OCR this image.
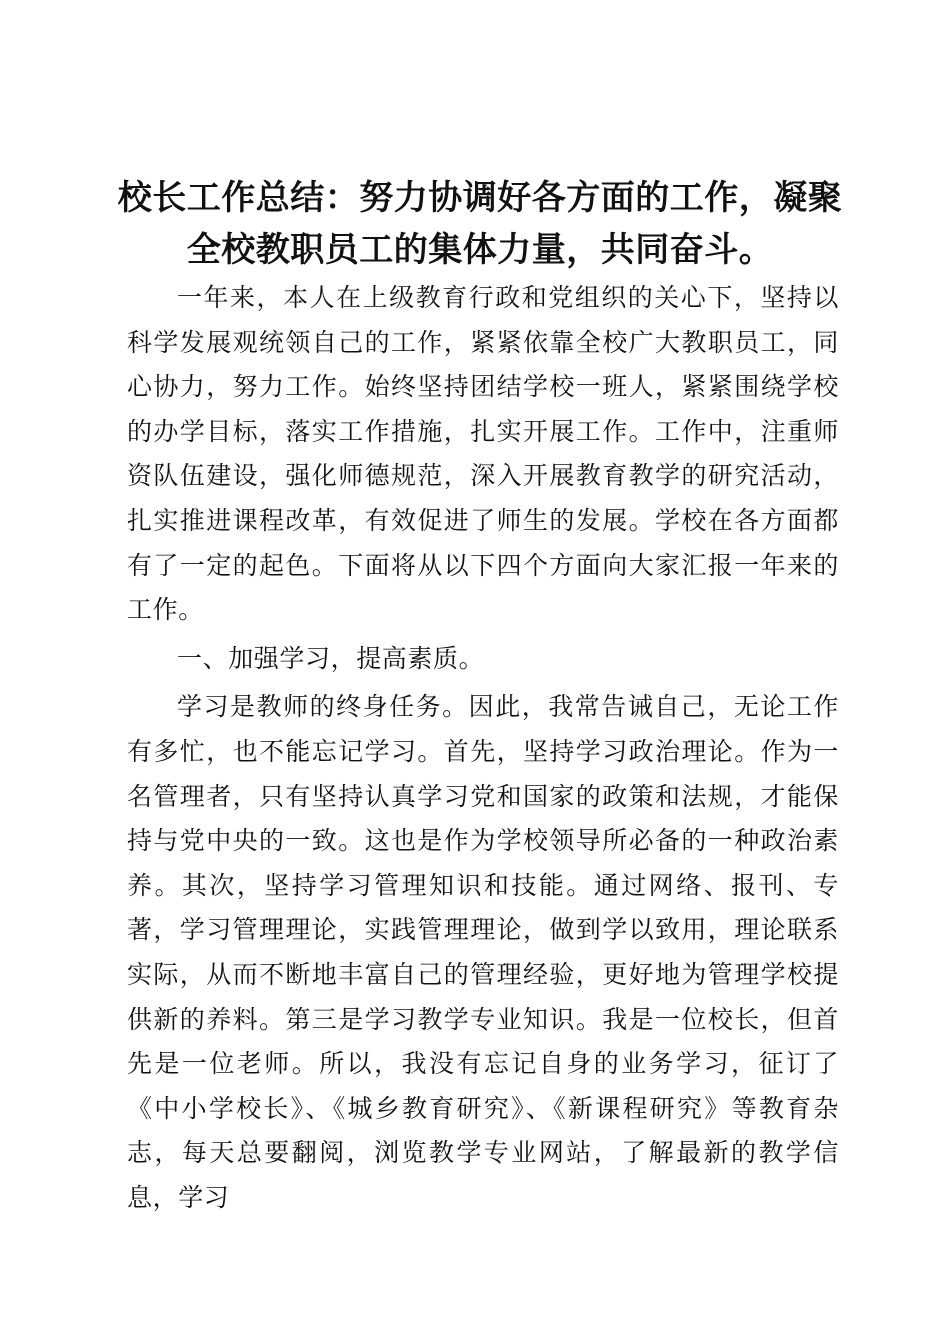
校长工作总结：努力协调好各方面的工作，凝聚全校教职员工的集体力量，共同奋斗。

一年来，本人在上级教育行政和党组织的关心下，坚持以科学发展观统领自己的工作，紧紧依靠全校广大教职员工，同心协力，努力工作。始终坚持团结学校一班人，紧紧围绕学校的办学目标，落实工作措施，扎实开展工作。工作中，注重师资队伍建设，强化师德规范，深入开展教育教学的研究活动，扎实推进课程改革，有效促进了师生的发展。学校在各方面都有了一定的起色。下面将从以下四个方面向大家汇报一年来的工作。

一、加强学习，提高素质。

学习是教师的终身任务。因此，我常告诫自己，无论工作有多忙，也不能忘记学习。首先，坚持学习政治理论。作为一名管理者，只有坚持认真学习党和国家的政策和法规，才能保持与党中央的一致。这也是作为学校领导所必备的一种政治素养。其次，坚持学习管理知识和技能。通过网络、报刊、专著，学习管理理论，实践管理理论，做到学以致用，理论联系实际，从而不断地丰富自己的管理经验，更好地为管理学校提供新的养料。第三是学习教学专业知识。我是一位校长，但首先是一位老师。所以，我没有忘记自身的业务学习，征订了《中小学校长》、《城乡教育研究》、《新课程研究》等教育杂志，每天总要翻阅，浏览教学专业网站，了解最新的教学信息，学习
